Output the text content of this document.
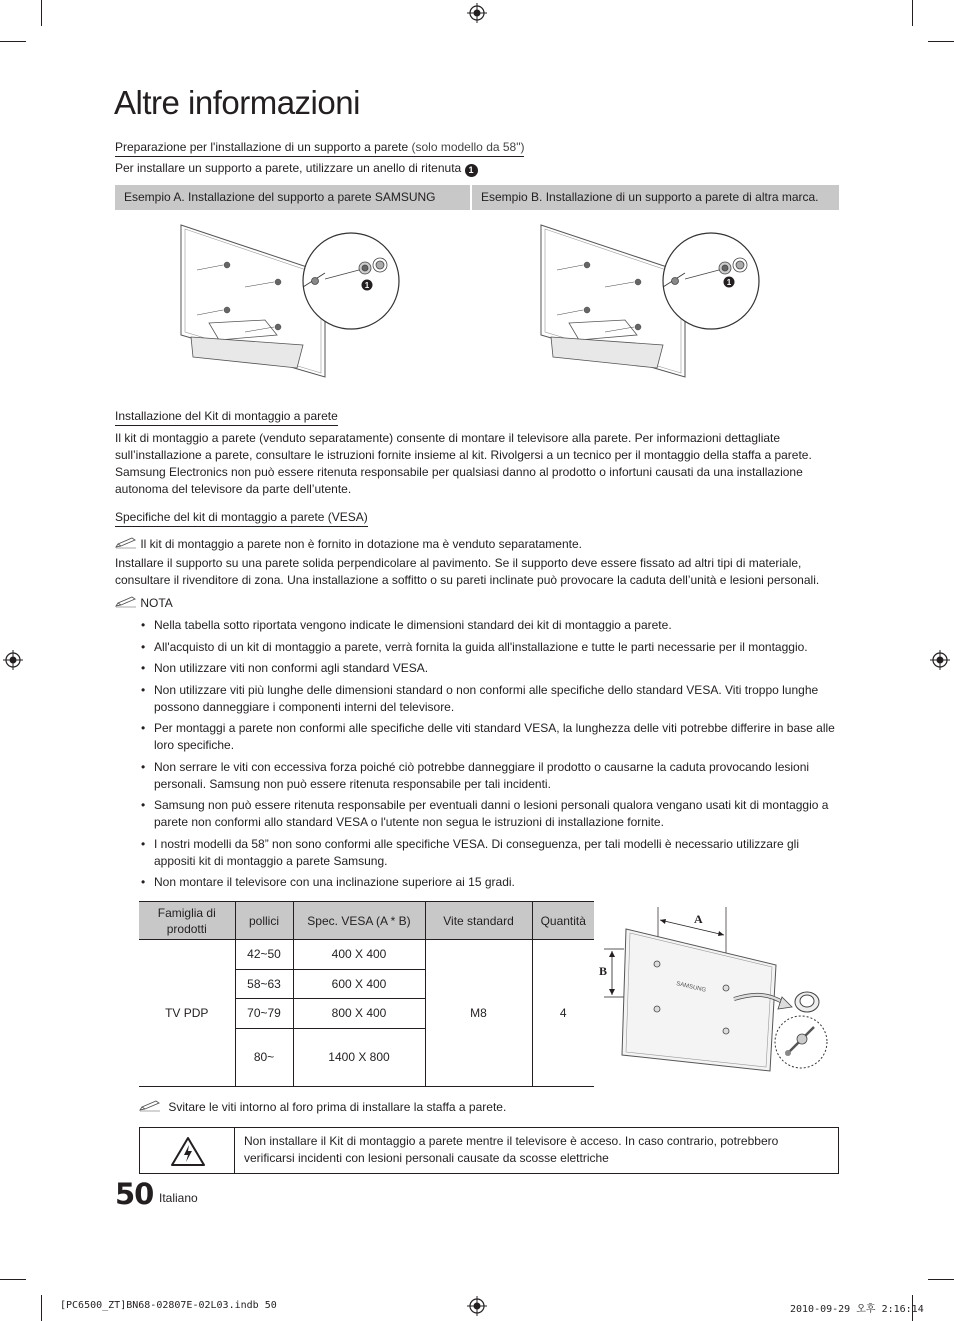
Altre informazioni
Preparazione per l'installazione di un supporto a parete (solo modello da 58")
Per installare un supporto a parete, utilizzare un anello di ritenuta 1
Esempio A. Installazione del supporto a parete SAMSUNG	Esempio B. Installazione di un supporto a parete di altra marca.
1	1
Installazione del Kit di montaggio a parete
Il kit di montaggio a parete (venduto separatamente) consente di montare il televisore alla parete. Per informazioni dettagliate sull’installazione a parete, consultare le istruzioni fornite insieme al kit. Rivolgersi a un tecnico per il montaggio della staffa a parete. Samsung Electronics non può essere ritenuta responsabile per qualsiasi danno al prodotto o infortuni causati da una installazione autonoma del televisore da parte dell’utente.
Specifiche del kit di montaggio a parete (VESA)
Il kit di montaggio a parete non è fornito in dotazione ma è venduto separatamente.
Installare il supporto su una parete solida perpendicolare al pavimento. Se il supporto deve essere fissato ad altri tipi di materiale, consultare il rivenditore di zona. Una installazione a soffitto o su pareti inclinate può provocare la caduta dell’unità e lesioni personali.
NOTA
• Nella tabella sotto riportata vengono indicate le dimensioni standard dei kit di montaggio a parete.
• All'acquisto di un kit di montaggio a parete, verrà fornita la guida all'installazione e tutte le parti necessarie per il montaggio.
• Non utilizzare viti non conformi agli standard VESA.
• Non utilizzare viti più lunghe delle dimensioni standard o non conformi alle specifiche dello standard VESA. Viti troppo lunghe possono danneggiare i componenti interni del televisore.
• Per montaggi a parete non conformi alle specifiche delle viti standard VESA, la lunghezza delle viti potrebbe differire in base alle loro specifiche.
• Non serrare le viti con eccessiva forza poiché ciò potrebbe danneggiare il prodotto o causarne la caduta provocando lesioni personali. Samsung non può essere ritenuta responsabile per tali incidenti.
• Samsung non può essere ritenuta responsabile per eventuali danni o lesioni personali qualora vengano usati kit di montaggio a parete non conformi allo standard VESA o l'utente non segua le istruzioni di installazione fornite.
• I nostri modelli da 58” non sono conformi alle specifiche VESA. Di conseguenza, per tali modelli è necessario utilizzare gli appositi kit di montaggio a parete Samsung.
• Non montare il televisore con una inclinazione superiore ai 15 gradi.
Famiglia di prodotti	pollici	Spec. VESA (A * B)	Vite standard	Quantità
TV PDP	42~50	400 X 400	M8	4
	58~63	600 X 400		
	70~79	800 X 400		
	80~	1400 X 800		
A
B
SAMSUNG
Svitare le viti intorno al foro prima di installare la staffa a parete.
Non installare il Kit di montaggio a parete mentre il televisore è acceso. In caso contrario, potrebbero verificarsi incidenti con lesioni personali causate da scosse elettriche
50 Italiano
[PC6500_ZT]BN68-02807E-02L03.indb 50	2010-09-29 오후 2:16:14
